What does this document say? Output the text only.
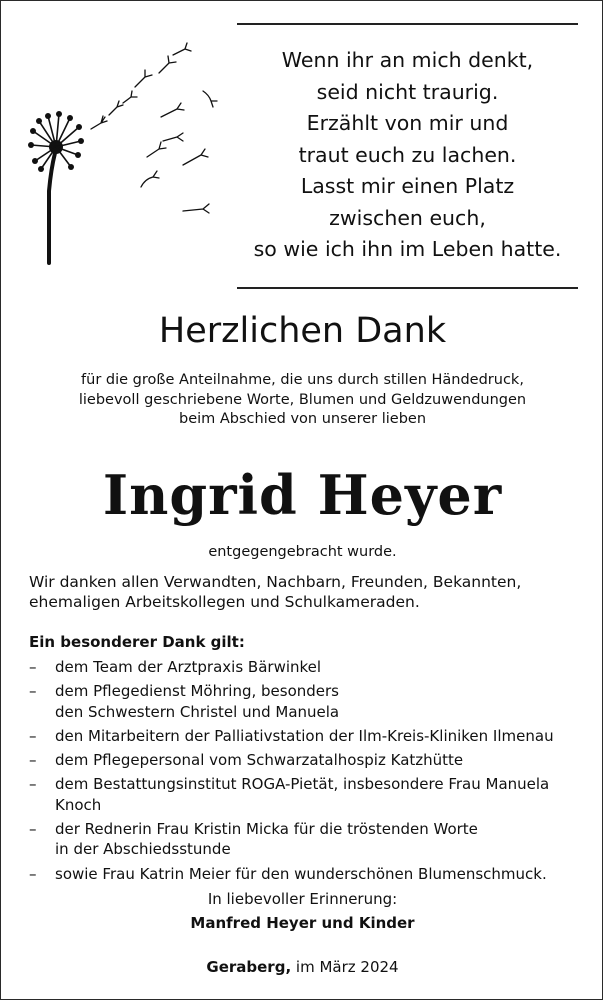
Wenn ihr an mich denkt,
seid nicht traurig.
Erzählt von mir und
traut euch zu lachen.
Lasst mir einen Platz
zwischen euch,
so wie ich ihn im Leben hatte.
Herzlichen Dank
für die große Anteilnahme, die uns durch stillen Händedruck,
liebevoll geschriebene Worte, Blumen und Geldzuwendungen
beim Abschied von unserer lieben
Ingrid Heyer
entgegengebracht wurde.
Wir danken allen Verwandten, Nachbarn, Freunden, Bekannten,
ehemaligen Arbeitskollegen und Schulkameraden.
Ein besonderer Dank gilt:
–	dem Team der Arztpraxis Bärwinkel
–	dem Pflegedienst Möhring, besonders
den Schwestern Christel und Manuela
–	den Mitarbeitern der Palliativstation der Ilm-Kreis-Kliniken Ilmenau
–	dem Pflegepersonal vom Schwarzatalhospiz Katzhütte
–	dem Bestattungsinstitut ROGA-Pietät, insbesondere Frau Manuela Knoch
–	der Rednerin Frau Kristin Micka für die tröstenden Worte
in der Abschiedsstunde
–	sowie Frau Katrin Meier für den wunderschönen Blumenschmuck.
In liebevoller Erinnerung:
Manfred Heyer und Kinder
Geraberg, im März 2024
